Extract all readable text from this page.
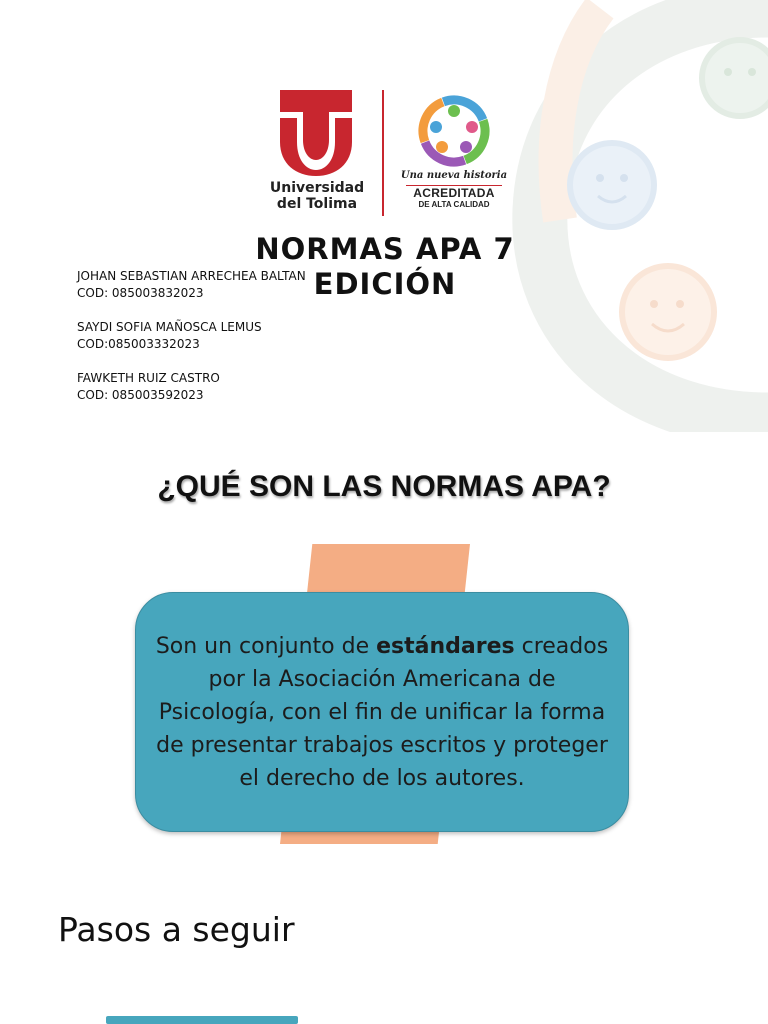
Universidad
del Tolima
Una nueva historia
ACREDITADA
DE ALTA CALIDAD
NORMAS APA 7
EDICIÓN
JOHAN SEBASTIAN ARRECHEA BALTAN
COD: 085003832023
SAYDI SOFIA MAÑOSCA LEMUS
COD:085003332023
FAWKETH RUIZ CASTRO
COD: 085003592023
¿QUÉ SON LAS NORMAS APA?
Son un conjunto de estándares creados por la Asociación Americana de Psicología, con el fin de unificar la forma de presentar trabajos escritos y proteger el derecho de los autores.
Pasos a seguir
